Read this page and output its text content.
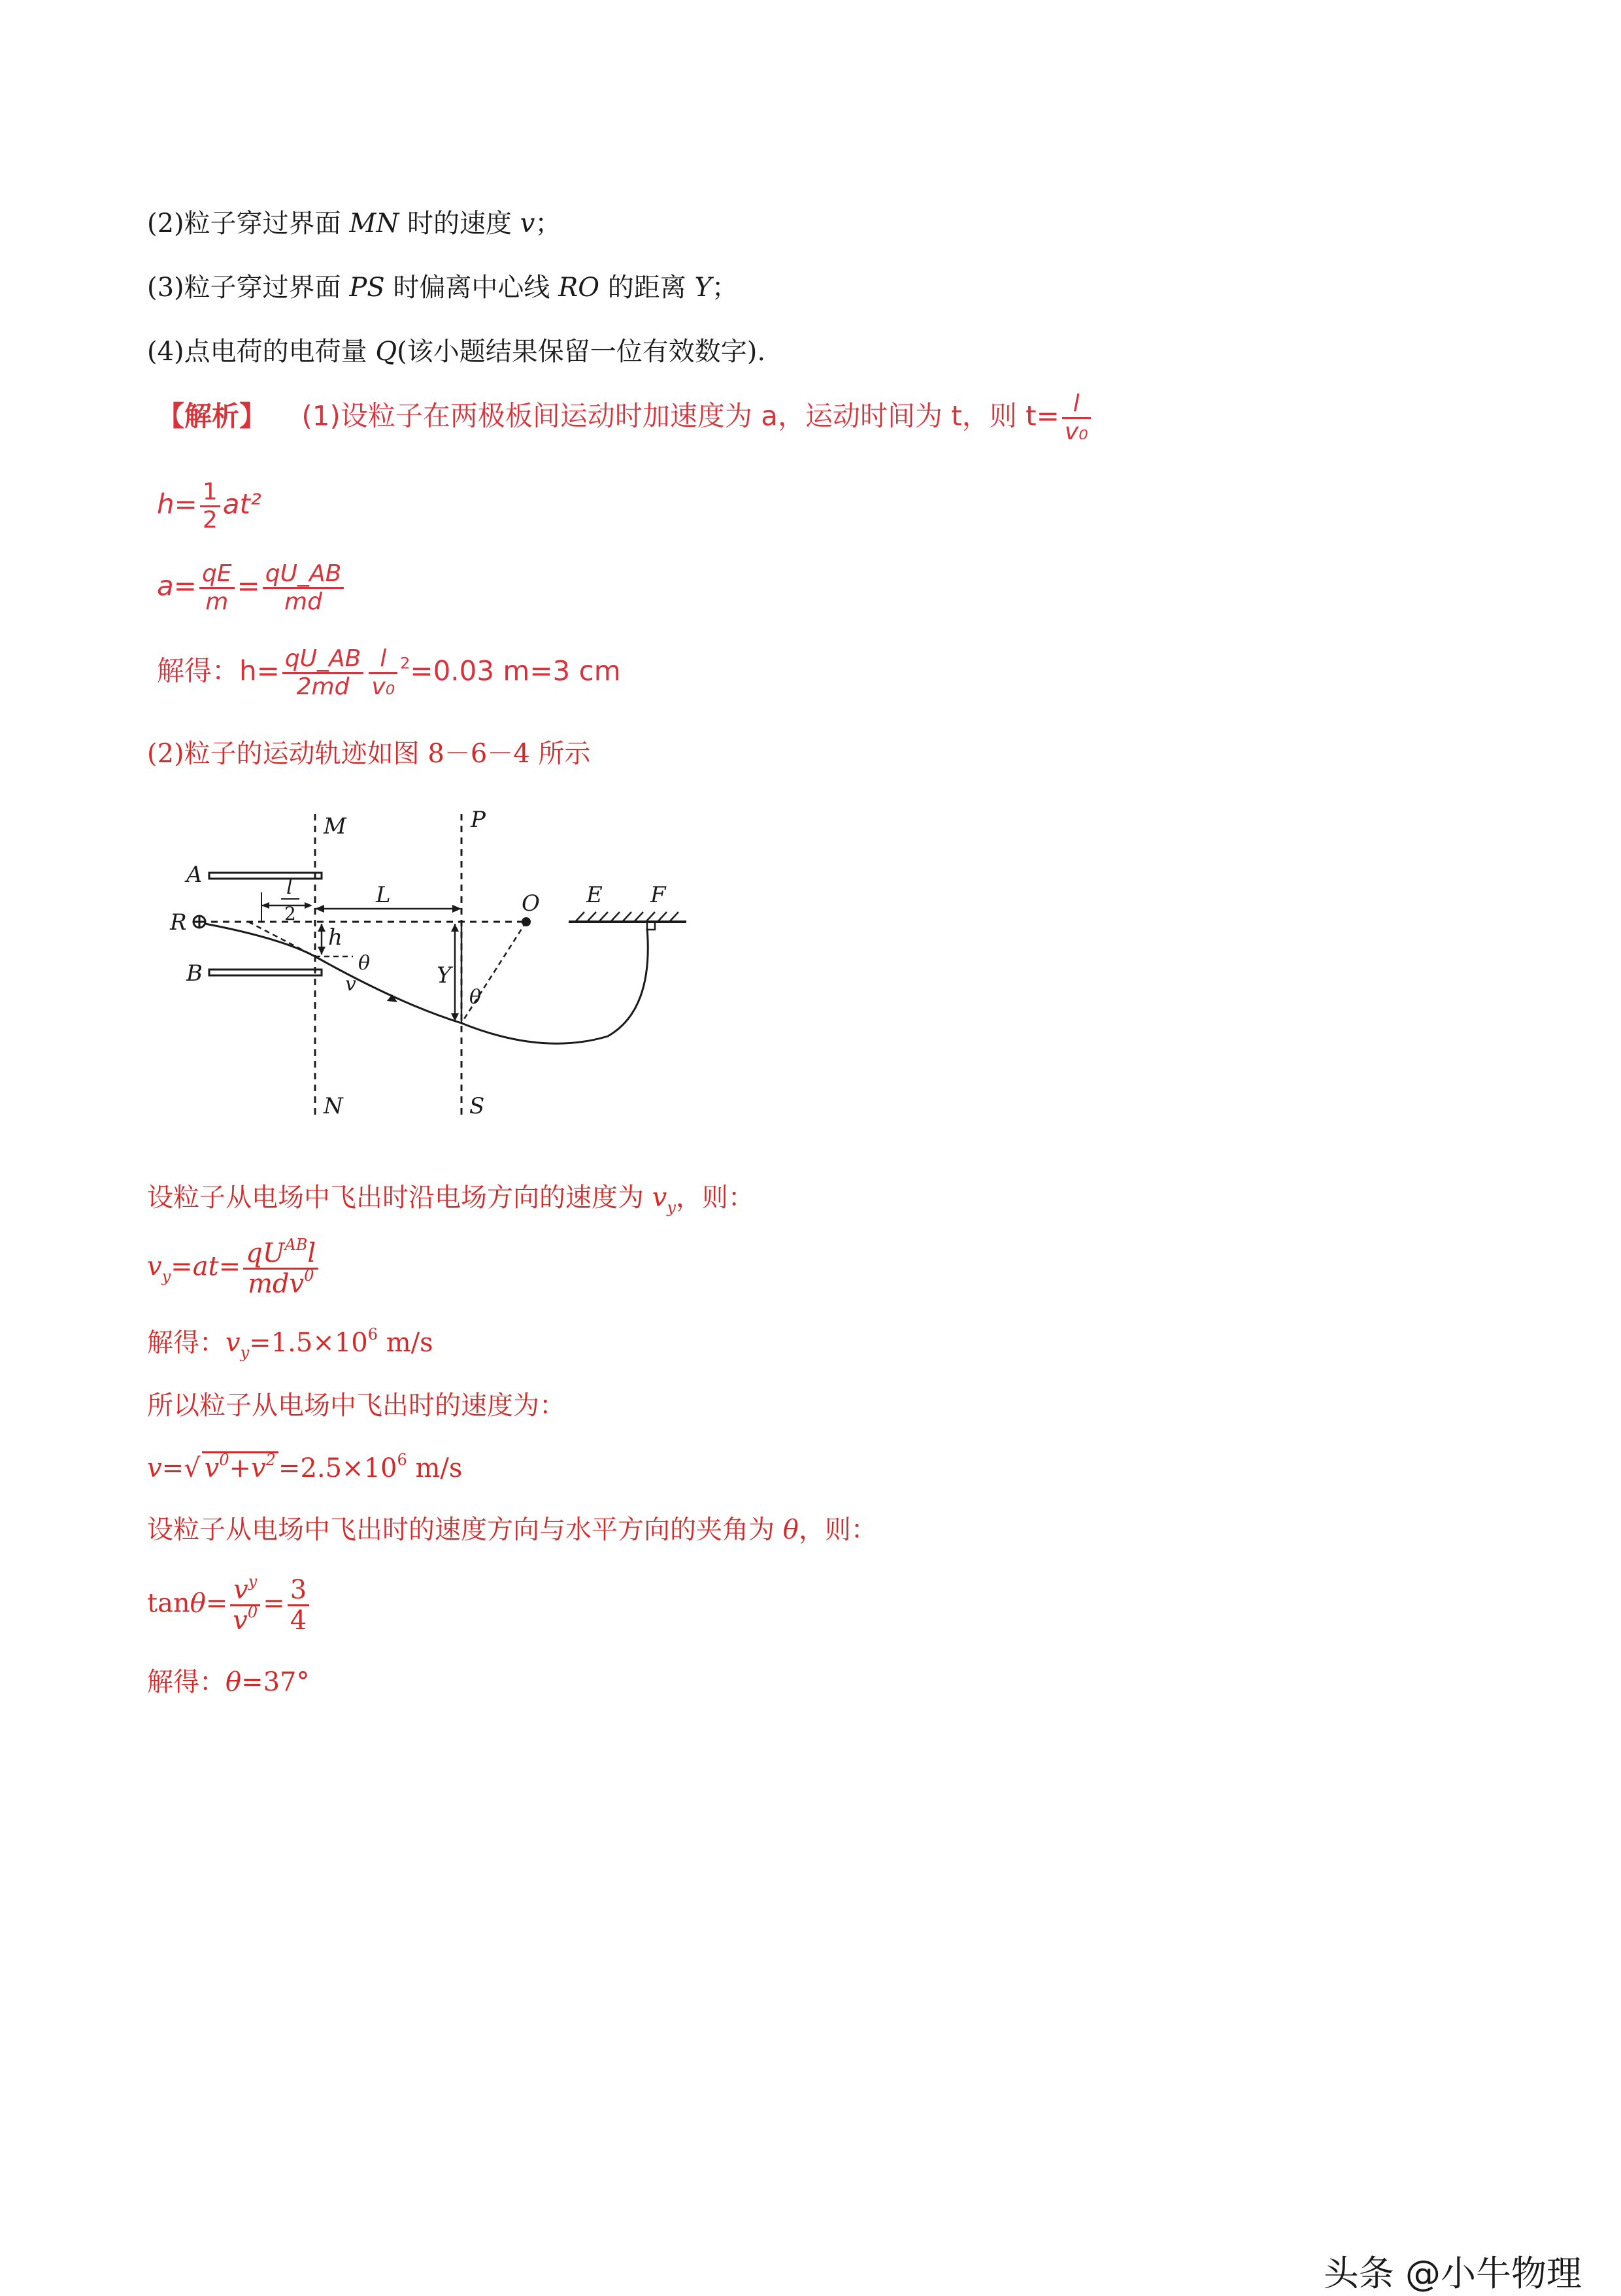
(2)粒子穿过界面 MN 时的速度 v；
(3)粒子穿过界面 PS 时偏离中心线 RO 的距离 Y；
(4)点电荷的电荷量 Q(该小题结果保留一位有效数字).
【解析】 (1)设粒子在两极板间运动时加速度为 a，运动时间为 t，则 $t= \frac{l}{\text{v₀}}$
$h= \frac{1}{2} at^2$
$a= \frac{qE}{m} = \frac{qU\_AB}{md}$
解得：$h= \frac{qU\_AB}{2md} \frac{l}{\text{v₀}} ^2=0.03$ m=3 cm
(2)粒子的运动轨迹如图 8－6－4 所示
M	P
N	S
A
B
R
O E F
L
l
2
h
θ
v	Y
θ
设粒子从电场中飞出时沿电场方向的速度为 $v_y$，则：
$v_y=at= \frac{qU^{AB}l}{mdv^0}$
解得：$v_y=1.5\times 10^6$ m/s
所以粒子从电场中飞出时的速度为：
v=√ $v^0+v^2 =2.5\times 10^6$ m/s
设粒子从电场中飞出时的速度方向与水平方向的夹角为 θ，则：
$\tan\theta= \frac{v^y}{v^0} = \frac{3}{4}$
解得：θ=37°
头条 @小牛物理
